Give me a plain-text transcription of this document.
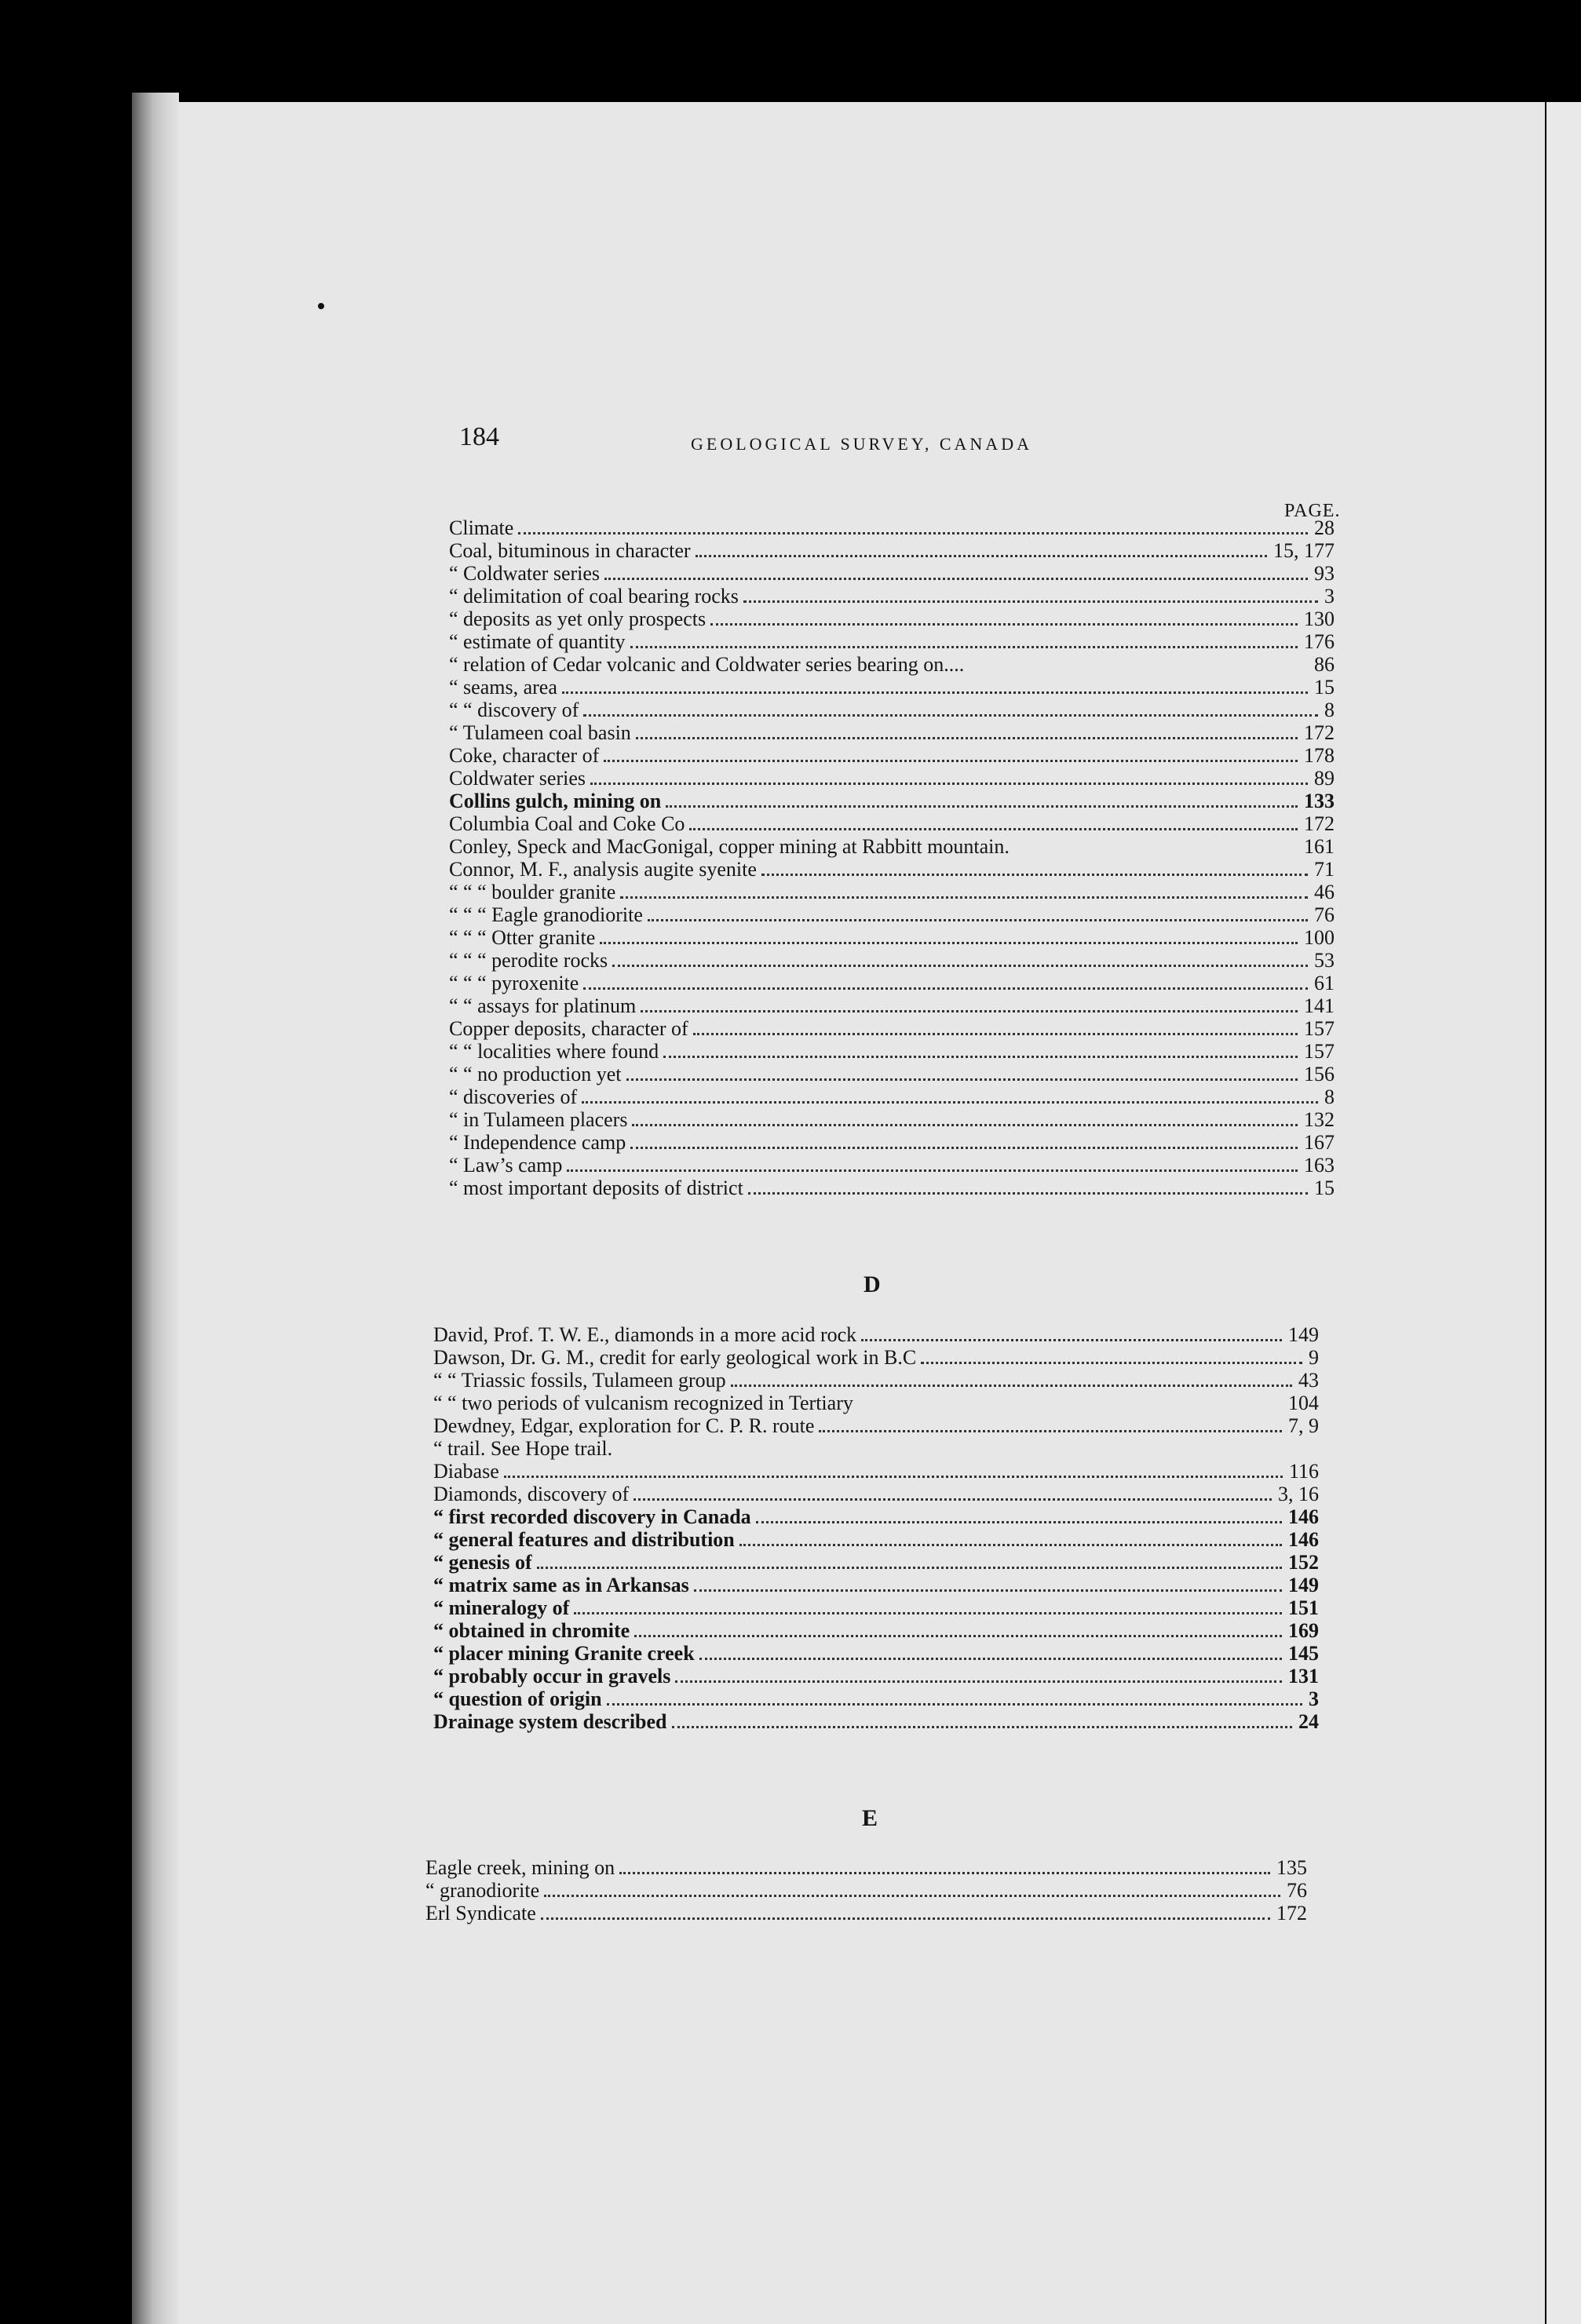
184	GEOLOGICAL SURVEY, CANADA
PAGE.
D
E
Climate	28
Coal, bituminous in character	15, 177
“ Coldwater series	93
“ delimitation of coal bearing rocks	3
“ deposits as yet only prospects	130
“ estimate of quantity	176
“ relation of Cedar volcanic and Coldwater series bearing on....	86
“ seams, area	15
“ “ discovery of	8
“ Tulameen coal basin	172
Coke, character of	178
Coldwater series	89
Collins gulch, mining on	133
Columbia Coal and Coke Co	172
Conley, Speck and MacGonigal, copper mining at Rabbitt mountain.	161
Connor, M. F., analysis augite syenite	71
“ “ “ boulder granite	46
“ “ “ Eagle granodiorite	76
“ “ “ Otter granite	100
“ “ “ perodite rocks	53
“ “ “ pyroxenite	61
“ “ assays for platinum	141
Copper deposits, character of	157
“ “ localities where found	157
“ “ no production yet	156
“ discoveries of	8
“ in Tulameen placers	132
“ Independence camp	167
“ Law’s camp	163
“ most important deposits of district	15
David, Prof. T. W. E., diamonds in a more acid rock	149
Dawson, Dr. G. M., credit for early geological work in B.C	9
“ “ Triassic fossils, Tulameen group	43
“ “ two periods of vulcanism recognized in Tertiary	104
Dewdney, Edgar, exploration for C. P. R. route	7, 9
“ trail. See Hope trail.
Diabase	116
Diamonds, discovery of	3, 16
“ first recorded discovery in Canada	146
“ general features and distribution	146
“ genesis of	152
“ matrix same as in Arkansas	149
“ mineralogy of	151
“ obtained in chromite	169
“ placer mining Granite creek	145
“ probably occur in gravels	131
“ question of origin	3
Drainage system described	24
Eagle creek, mining on	135
“ granodiorite	76
Erl Syndicate	172
